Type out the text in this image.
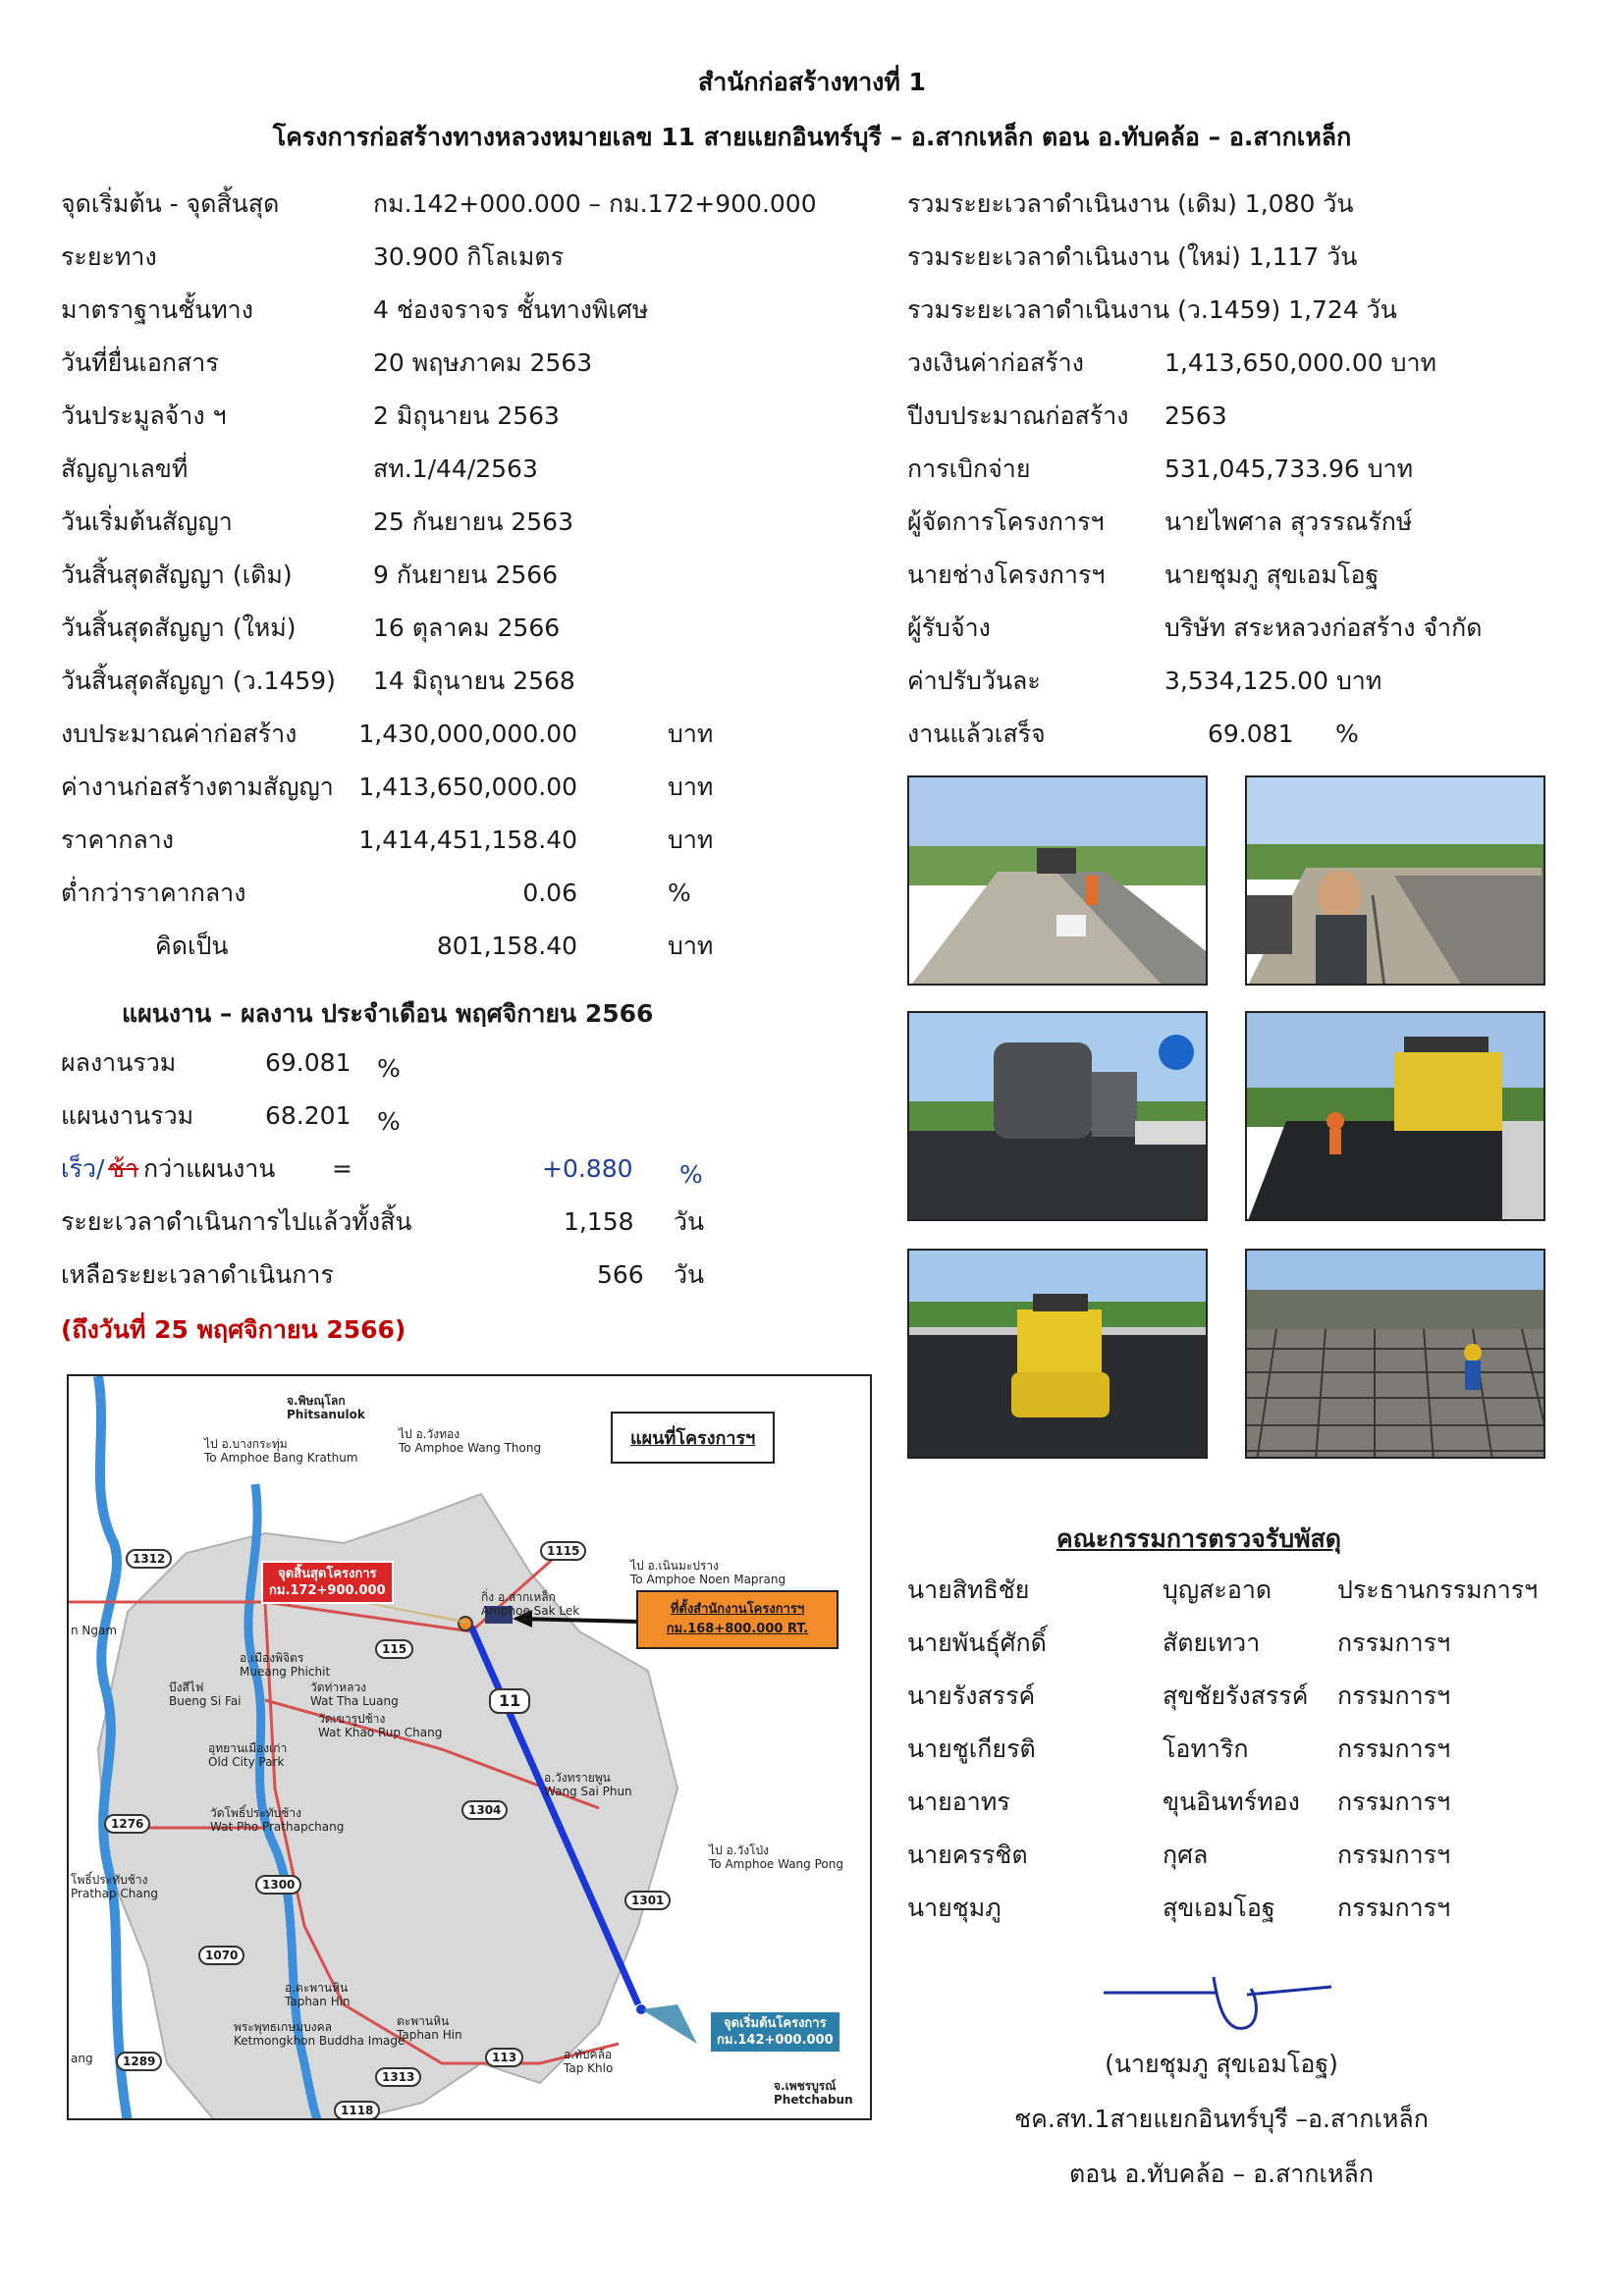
สำนักก่อสร้างทางที่ 1
โครงการก่อสร้างทางหลวงหมายเลข 11 สายแยกอินทร์บุรี – อ.สากเหล็ก ตอน อ.ทับคล้อ – อ.สากเหล็ก
จุดเริ่มต้น - จุดสิ้นสุด	กม.142+000.000 – กม.172+900.000
ระยะทาง	30.900 กิโลเมตร
มาตราฐานชั้นทาง	4 ช่องจราจร ชั้นทางพิเศษ
วันที่ยื่นเอกสาร	20 พฤษภาคม 2563
วันประมูลจ้าง ฯ	2 มิถุนายน 2563
สัญญาเลขที่	สท.1/44/2563
วันเริ่มต้นสัญญา	25 กันยายน 2563
วันสิ้นสุดสัญญา (เดิม)	9 กันยายน 2566
วันสิ้นสุดสัญญา (ใหม่)	16 ตุลาคม 2566
วันสิ้นสุดสัญญา (ว.1459) 14 มิถุนายน 2568
งบประมาณค่าก่อสร้าง	1,430,000,000.00	บาท
ค่างานก่อสร้างตามสัญญา 1,413,650,000.00	บาท
ราคากลาง	1,414,451,158.40	บาท
ต่ำกว่าราคากลาง	0.06	%
คิดเป็น	801,158.40	บาท
รวมระยะเวลาดำเนินงาน (เดิม) 1,080 วัน
รวมระยะเวลาดำเนินงาน (ใหม่) 1,117 วัน
รวมระยะเวลาดำเนินงาน (ว.1459) 1,724 วัน
วงเงินค่าก่อสร้าง	1,413,650,000.00 บาท
ปีงบประมาณก่อสร้าง 2563
การเบิกจ่าย	531,045,733.96 บาท
ผู้จัดการโครงการฯ นายไพศาล สุวรรณรักษ์
นายช่างโครงการฯ นายชุมภู สุขเอมโอฐ
ผู้รับจ้าง	บริษัท สระหลวงก่อสร้าง จำกัด
ค่าปรับวันละ	3,534,125.00 บาท
งานแล้วเสร็จ	69.081 %
แผนงาน – ผลงาน ประจำเดือน พฤศจิกายน 2566
ผลงานรวม	69.081 %
แผนงานรวม	68.201 %
เร็ว/ ช้า กว่าแผนงาน =	+0.880 %
ระยะเวลาดำเนินการไปแล้วทั้งสิ้น	1,158 วัน
เหลือระยะเวลาดำเนินการ	566 วัน
(ถึงวันที่ 25 พฤศจิกายน 2566)
จ.พิษณุโลก
Phitsanulok
ไป อ.บางกระทุ่ม
To Amphoe Bang Krathum
ไป อ.วังทอง
To Amphoe Wang Thong
ไป อ.เนินมะปราง
To Amphoe Noen Maprang
กิ่ง อ.สากเหล็ก
Amphoe Sak Lek
n Ngam
อ.เมืองพิจิตร
Mueang Phichit
บึงสีไฟ
Bueng Si Fai
วัดท่าหลวง
Wat Tha Luang
วัดเขารูปช้าง
Wat Khao Rup Chang
อุทยานเมืองเก่า
Old City Park
อ.วังทรายพูน
Wang Sai Phun
วัดโพธิ์ประทับช้าง
Wat Pho Prathapchang
ไป อ.วังโป่ง
To Amphoe Wang Pong
โพธิ์ประทับช้าง
Prathap Chang
อ.ตะพานหิน
Taphan Hin
พระพุทธเกษมบงคล
Ketmongkhon Buddha Image
ตะพานหิน
Taphan Hin
อ.ทับคล้อ
Tap Khlo
จ.เพชรบูรณ์
Phetchabun
ang
1312
1115
115
11
1276
1304
1300
1301
1070
1289	113
1313
1118
แผนที่โครงการฯ
จุดสิ้นสุดโครงการ
กม.172+900.000
จุดเริ่มต้นโครงการ
กม.142+000.000
ที่ตั้งสำนักงานโครงการฯ
กม.168+800.000 RT.
คณะกรรมการตรวจรับพัสดุ
นายสิทธิชัย	บุญสะอาด	ประธานกรรมการฯ
นายพันธุ์ศักดิ์	สัตยเทวา	กรรมการฯ
นายรังสรรค์	สุขชัยรังสรรค์ กรรมการฯ
นายชูเกียรติ	โอทาริก	กรรมการฯ
นายอาทร	ขุนอินทร์ทอง กรรมการฯ
นายครรชิต	กุศล	กรรมการฯ
นายชุมภู	สุขเอมโอฐ	กรรมการฯ
(นายชุมภู สุขเอมโอฐ)
ชค.สท.1สายแยกอินทร์บุรี –อ.สากเหล็ก
ตอน อ.ทับคล้อ – อ.สากเหล็ก
